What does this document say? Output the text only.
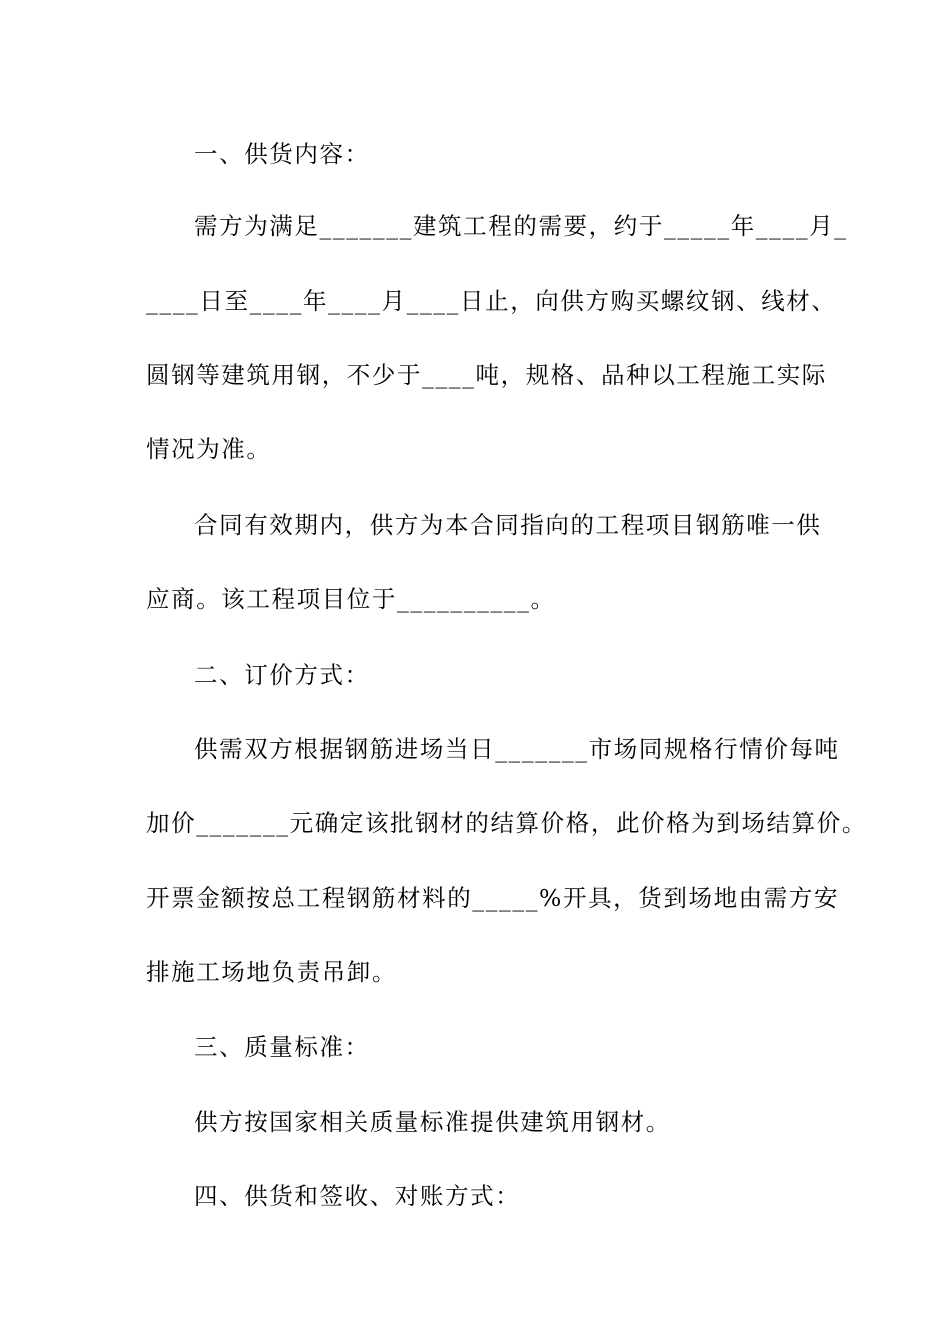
一、供货内容：
需方为满足_______建筑工程的需要，约于_____年____月_
____日至____年____月____日止，向供方购买螺纹钢、线材、
圆钢等建筑用钢，不少于____吨，规格、品种以工程施工实际
情况为准。
合同有效期内，供方为本合同指向的工程项目钢筋唯一供
应商。该工程项目位于__________。
二、订价方式：
供需双方根据钢筋进场当日_______市场同规格行情价每吨
加价_______元确定该批钢材的结算价格，此价格为到场结算价。
开票金额按总工程钢筋材料的_____%开具，货到场地由需方安
排施工场地负责吊卸。
三、质量标准：
供方按国家相关质量标准提供建筑用钢材。
四、供货和签收、对账方式：
